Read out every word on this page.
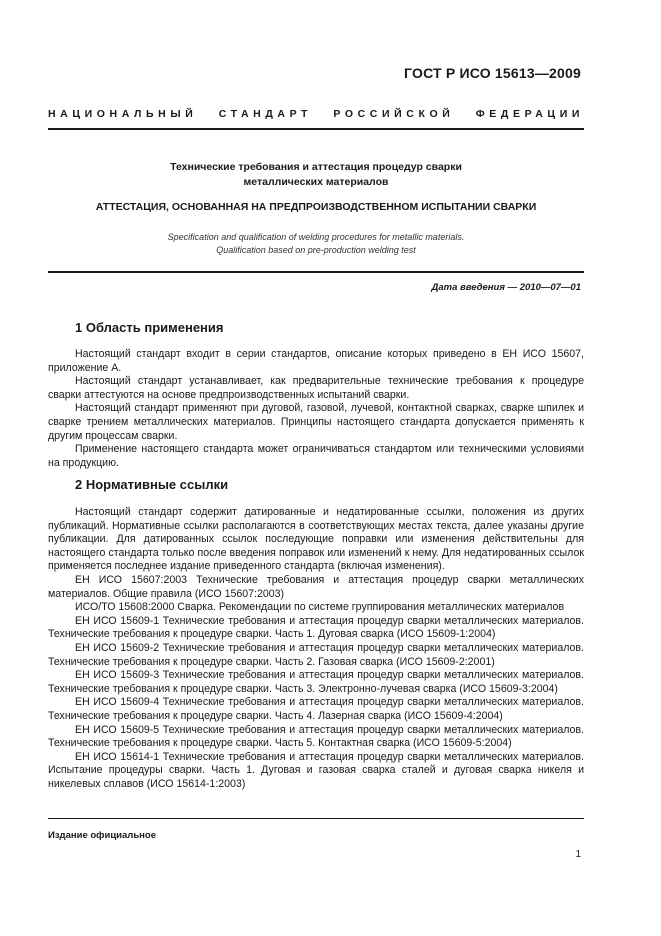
ГОСТ Р ИСО 15613—2009
НАЦИОНАЛЬНЫЙ СТАНДАРТ РОССИЙСКОЙ ФЕДЕРАЦИИ
Технические требования и аттестация процедур сварки
металлических материалов
АТТЕСТАЦИЯ, ОСНОВАННАЯ НА ПРЕДПРОИЗВОДСТВЕННОМ ИСПЫТАНИИ СВАРКИ
Specification and qualification of welding procedures for metallic materials.
Qualification based on pre-production welding test
Дата введения — 2010—07—01
1 Область применения

Настоящий стандарт входит в серии стандартов, описание которых приведено в ЕН ИСО 15607, приложение А.

Настоящий стандарт устанавливает, как предварительные технические требования к процедуре сварки аттестуются на основе предпроизводственных испытаний сварки.

Настоящий стандарт применяют при дуговой, газовой, лучевой, контактной сварках, сварке шпилек и сварке трением металлических материалов. Принципы настоящего стандарта допускается применять к другим процессам сварки.

Применение настоящего стандарта может ограничиваться стандартом или техническими условиями на продукцию.

2 Нормативные ссылки

Настоящий стандарт содержит датированные и недатированные ссылки, положения из других публикаций. Нормативные ссылки располагаются в соответствующих местах текста, далее указаны другие публикации. Для датированных ссылок последующие поправки или изменения действительны для настоящего стандарта только после введения поправок или изменений к нему. Для недатированных ссылок применяется последнее издание приведенного стандарта (включая изменения).

ЕН ИСО 15607:2003 Технические требования и аттестация процедур сварки металлических материалов. Общие правила (ИСО 15607:2003)

ИСО/ТО 15608:2000 Сварка. Рекомендации по системе группирования металлических материалов

ЕН ИСО 15609-1 Технические требования и аттестация процедур сварки металлических материалов. Технические требования к процедуре сварки. Часть 1. Дуговая сварка (ИСО 15609-1:2004)

ЕН ИСО 15609-2 Технические требования и аттестация процедур сварки металлических материалов. Технические требования к процедуре сварки. Часть 2. Газовая сварка (ИСО 15609-2:2001)

ЕН ИСО 15609-3 Технические требования и аттестация процедур сварки металлических материалов. Технические требования к процедуре сварки. Часть 3. Электронно-лучевая сварка (ИСО 15609-3:2004)

ЕН ИСО 15609-4 Технические требования и аттестация процедур сварки металлических материалов. Технические требования к процедуре сварки. Часть 4. Лазерная сварка (ИСО 15609-4:2004)

ЕН ИСО 15609-5 Технические требования и аттестация процедур сварки металлических материалов. Технические требования к процедуре сварки. Часть 5. Контактная сварка (ИСО 15609-5:2004)

ЕН ИСО 15614-1 Технические требования и аттестация процедур сварки металлических материалов. Испытание процедуры сварки. Часть 1. Дуговая и газовая сварка сталей и дуговая сварка никеля и никелевых сплавов (ИСО 15614-1:2003)

Издание официальное
1
